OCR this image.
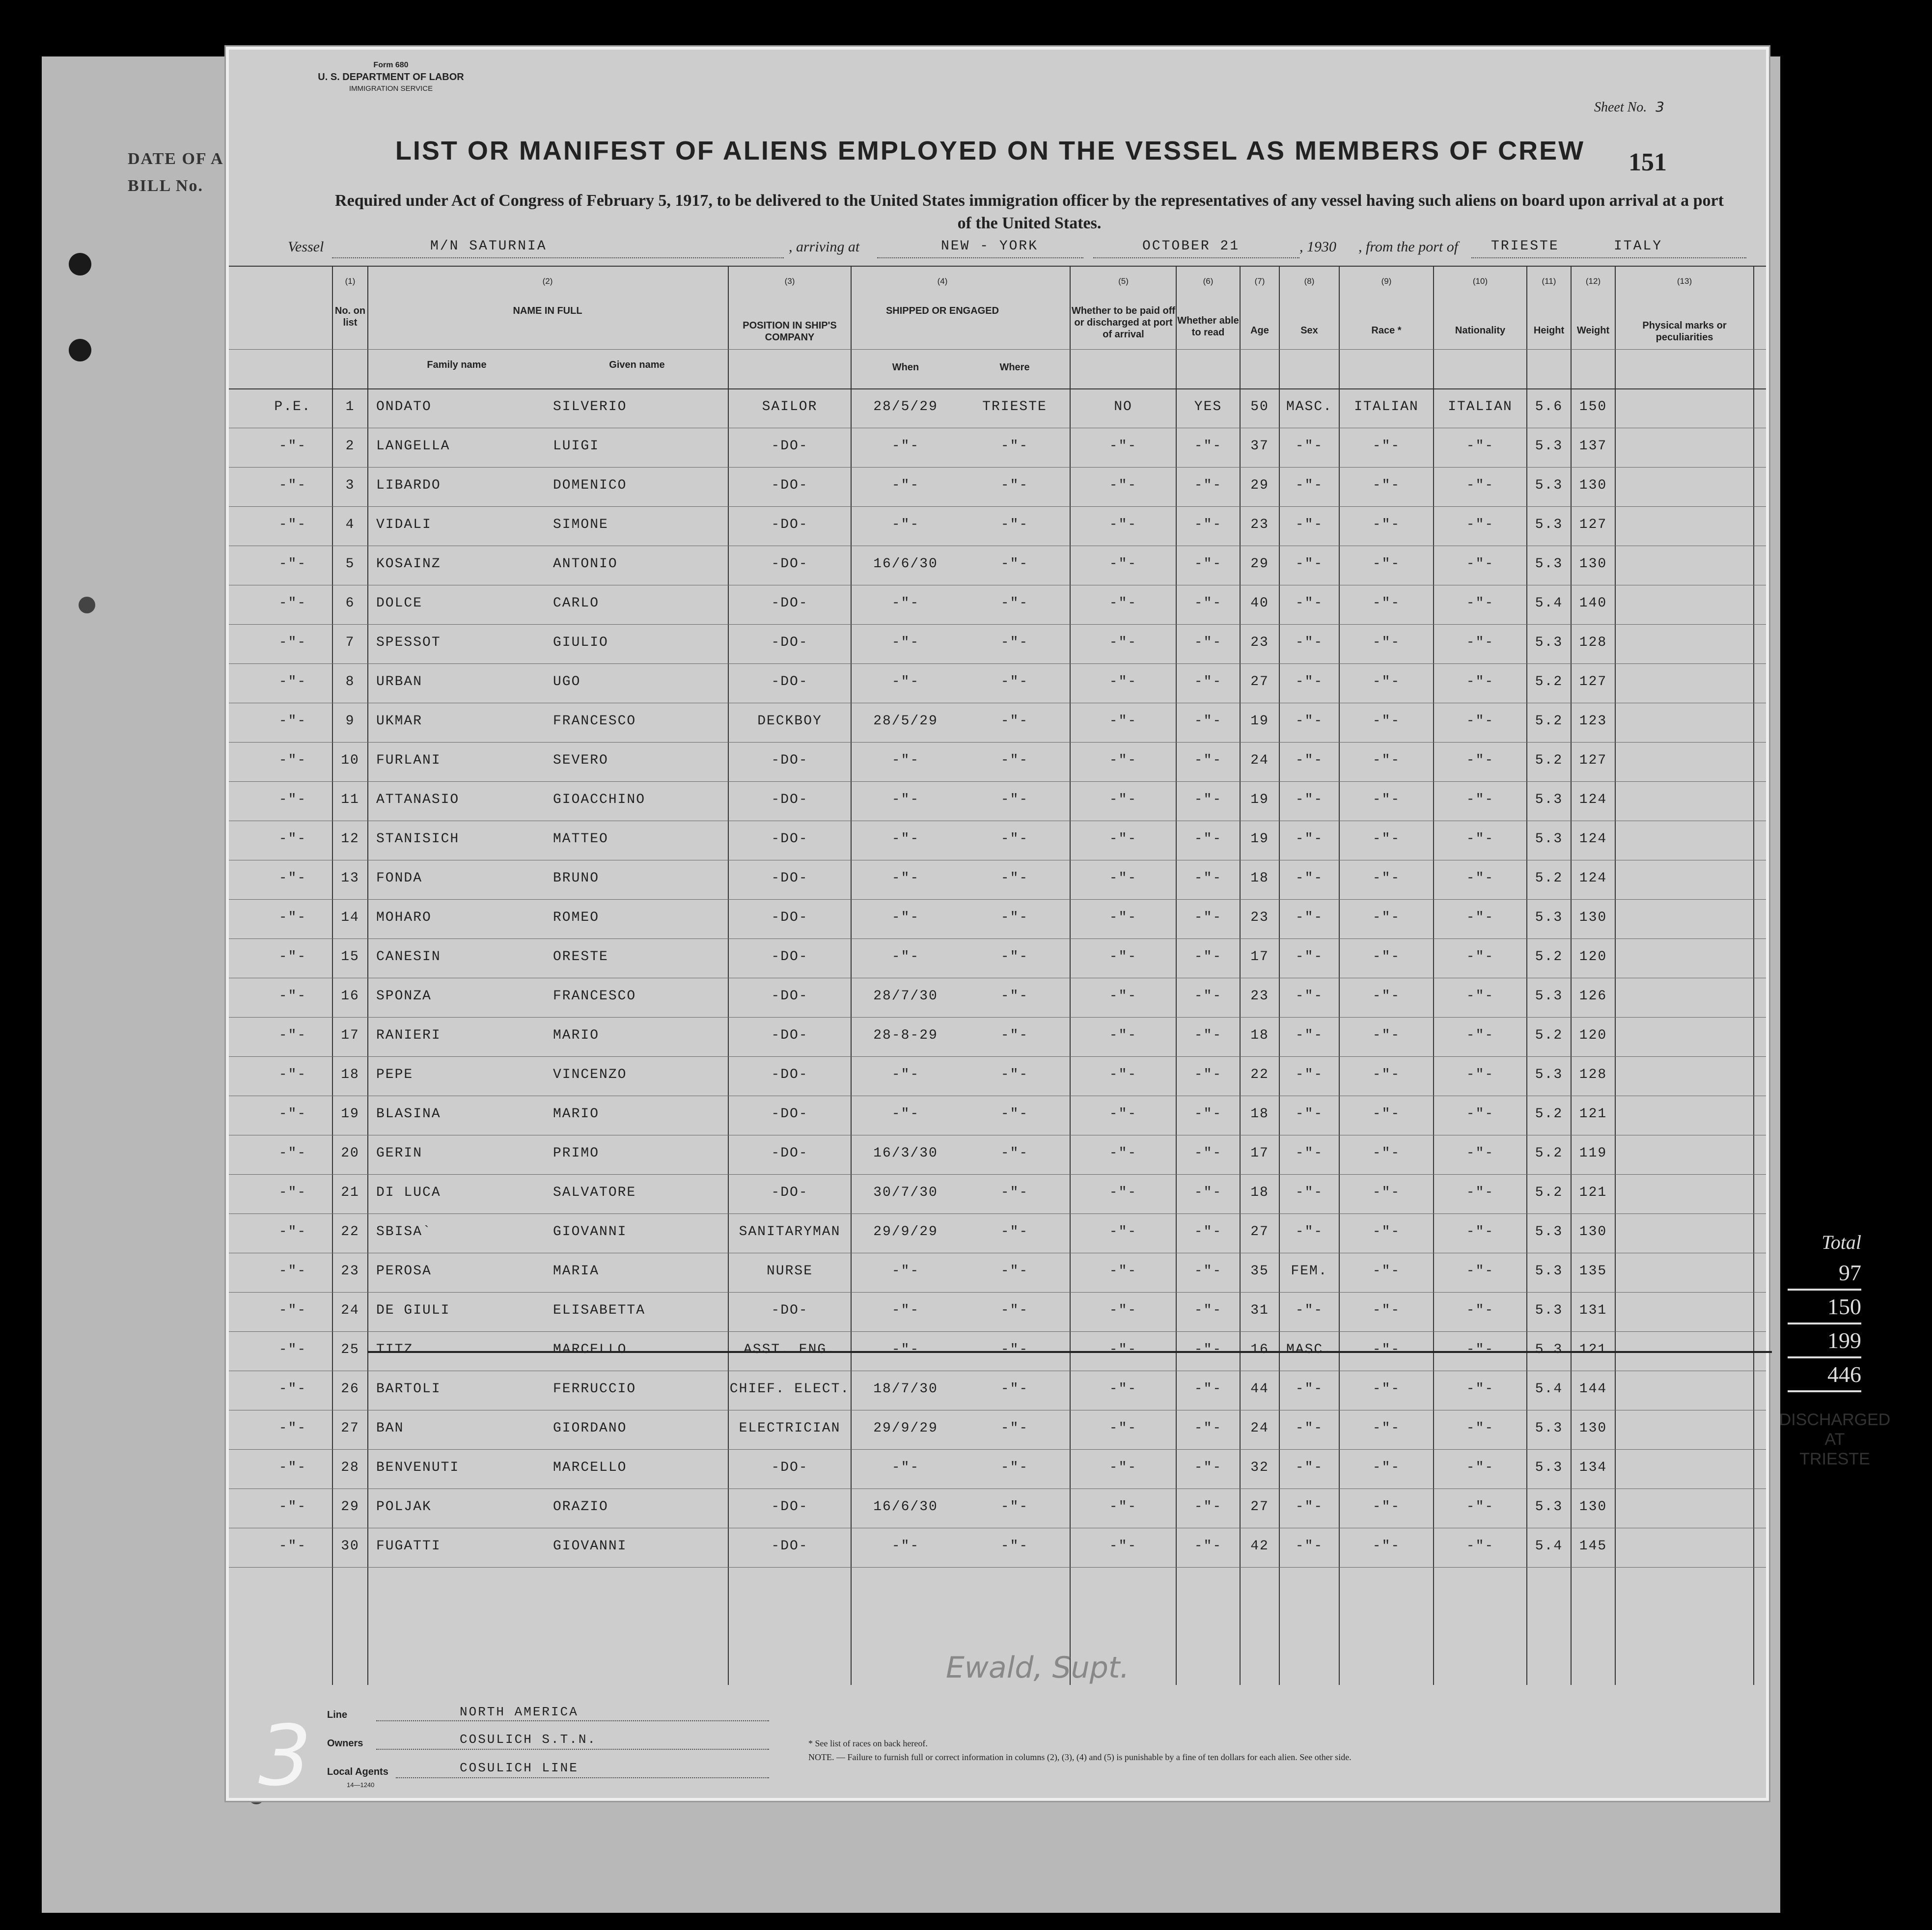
DATE OF A
BILL No.
Form 680
U. S. DEPARTMENT OF LABOR
IMMIGRATION SERVICE
Sheet No. 3
LIST OR MANIFEST OF ALIENS EMPLOYED ON THE VESSEL AS MEMBERS OF CREW	151
Required under Act of Congress of February 5, 1917, to be delivered to the United States immigration officer by the representatives of any vessel having such aliens on board upon arrival at a port of the United States.
Vessel	M/N SATURNIA	, arriving at	NEW - YORK	OCTOBER 21	, 1930 , from the port of TRIESTE	ITALY
(1)
No. on list
(2)
NAME IN FULL
Family name	Given name
(3)
POSITION IN SHIP'S COMPANY
(4)
SHIPPED OR ENGAGED
When	Where
(5)
Whether to be paid off or discharged at port of arrival
(6)
Whether able to read
(7)
Age
(8)
Sex
(9)
Race *
(10)
Nationality
(11)
Height
(12)
Weight
(13)
Physical marks or peculiarities
P.E.	1	ONDATO	SILVERIO	SAILOR	28/5/29	TRIESTE	NO	YES	50	MASC.	ITALIAN	ITALIAN	5.6	150
-"-	2	LANGELLA	LUIGI	-DO-	-"-	-"-	-"-	-"-	37	-"-	-"-	-"-	5.3	137
-"-	3	LIBARDO	DOMENICO	-DO-	-"-	-"-	-"-	-"-	29	-"-	-"-	-"-	5.3	130
-"-	4	VIDALI	SIMONE	-DO-	-"-	-"-	-"-	-"-	23	-"-	-"-	-"-	5.3	127
-"-	5	KOSAINZ	ANTONIO	-DO-	16/6/30	-"-	-"-	-"-	29	-"-	-"-	-"-	5.3	130
-"-	6	DOLCE	CARLO	-DO-	-"-	-"-	-"-	-"-	40	-"-	-"-	-"-	5.4	140
-"-	7	SPESSOT	GIULIO	-DO-	-"-	-"-	-"-	-"-	23	-"-	-"-	-"-	5.3	128
-"-	8	URBAN	UGO	-DO-	-"-	-"-	-"-	-"-	27	-"-	-"-	-"-	5.2	127
-"-	9	UKMAR	FRANCESCO	DECKBOY	28/5/29	-"-	-"-	-"-	19	-"-	-"-	-"-	5.2	123
-"-	10	FURLANI	SEVERO	-DO-	-"-	-"-	-"-	-"-	24	-"-	-"-	-"-	5.2	127
-"-	11	ATTANASIO	GIOACCHINO	-DO-	-"-	-"-	-"-	-"-	19	-"-	-"-	-"-	5.3	124
-"-	12	STANISICH	MATTEO	-DO-	-"-	-"-	-"-	-"-	19	-"-	-"-	-"-	5.3	124
-"-	13	FONDA	BRUNO	-DO-	-"-	-"-	-"-	-"-	18	-"-	-"-	-"-	5.2	124
-"-	14	MOHARO	ROMEO	-DO-	-"-	-"-	-"-	-"-	23	-"-	-"-	-"-	5.3	130
-"-	15	CANESIN	ORESTE	-DO-	-"-	-"-	-"-	-"-	17	-"-	-"-	-"-	5.2	120
-"-	16	SPONZA	FRANCESCO	-DO-	28/7/30	-"-	-"-	-"-	23	-"-	-"-	-"-	5.3	126
-"-	17	RANIERI	MARIO	-DO-	28-8-29	-"-	-"-	-"-	18	-"-	-"-	-"-	5.2	120
-"-	18	PEPE	VINCENZO	-DO-	-"-	-"-	-"-	-"-	22	-"-	-"-	-"-	5.3	128
-"-	19	BLASINA	MARIO	-DO-	-"-	-"-	-"-	-"-	18	-"-	-"-	-"-	5.2	121
-"-	20	GERIN	PRIMO	-DO-	16/3/30	-"-	-"-	-"-	17	-"-	-"-	-"-	5.2	119
-"-	21	DI LUCA	SALVATORE	-DO-	30/7/30	-"-	-"-	-"-	18	-"-	-"-	-"-	5.2	121
-"-	22	SBISA`	GIOVANNI	SANITARYMAN	29/9/29	-"-	-"-	-"-	27	-"-	-"-	-"-	5.3	130
-"-	23	PEROSA	MARIA	NURSE	-"-	-"-	-"-	-"-	35	FEM.	-"-	-"-	5.3	135
-"-	24	DE GIULI	ELISABETTA	-DO-	-"-	-"-	-"-	-"-	31	-"-	-"-	-"-	5.3	131
-"-	25	TITZ	MARCELLO	ASST. ENG.	-"-	-"-	-"-	-"-	16	MASC.	-"-	-"-	5.3	121
-"-	26	BARTOLI	FERRUCCIO	CHIEF. ELECT.	18/7/30	-"-	-"-	-"-	44	-"-	-"-	-"-	5.4	144
-"-	27	BAN	GIORDANO	ELECTRICIAN	29/9/29	-"-	-"-	-"-	24	-"-	-"-	-"-	5.3	130
-"-	28	BENVENUTI	MARCELLO	-DO-	-"-	-"-	-"-	-"-	32	-"-	-"-	-"-	5.3	134
-"-	29	POLJAK	ORAZIO	-DO-	16/6/30	-"-	-"-	-"-	27	-"-	-"-	-"-	5.3	130
-"-	30	FUGATTI	GIOVANNI	-DO-	-"-	-"-	-"-	-"-	42	-"-	-"-	-"-	5.4	145
DISCHARGED AT
TRIESTE
Ewald, Supt.
Line	NORTH AMERICA
Owners	COSULICH S.T.N.
Local Agents	COSULICH LINE
14—1240
* See list of races on back hereof.
NOTE. — Failure to furnish full or correct information in columns (2), (3), (4) and (5) is punishable by a fine of ten dollars for each alien. See other side.
3
Total
97
150
199
446
